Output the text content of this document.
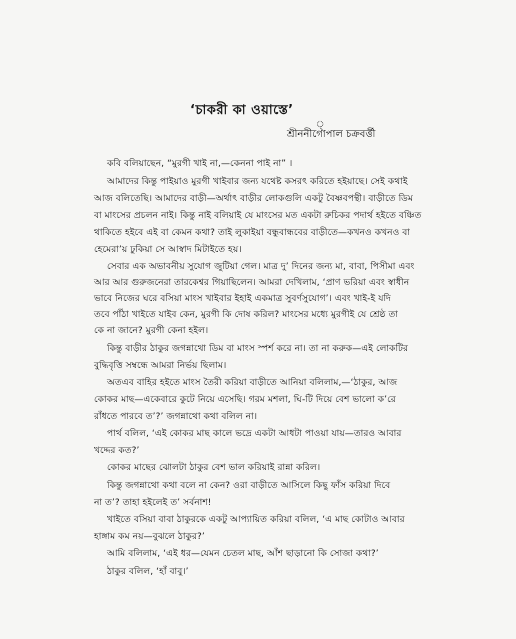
‘চাকরী কা ওয়াস্তে’
্
শ্রীননীগোপাল চক্রবর্ত্তী
কবি বলিয়াছেন, “মুরগী খাই না,—কেননা পাই না” ।
আমাদের কিন্তু পাইয়াও মুরগী খাইবার জন্য যথেষ্ট কসরৎ করিতে হইয়াছে। সেই কথাই
আজ বলিতেছি। আমাদের বাড়ী—অর্থাৎ বাড়ীর লোকগুলি একটু বৈষ্ণবপন্থী। বাড়ীতে ডিম
বা মাংসের প্রচলন নাই। কিন্তু নাই বলিয়াই যে মাংসের মত একটা রুচিকর পদার্থ হইতে বঞ্চিত
থাকিতে হইবে এই বা কেমন কথা? তাই লুকাইয়া বন্ধুবান্ধবের বাড়ীতে—কখনও কখনও বা
হেমেরা’য় ঢুকিয়া সে আস্বাদ মিটাইতে হয়।
সেবার এক অভাবনীয় সুযোগ জুটিয়া গেল। মাত্র দু’ দিনের জন্য মা, বাবা, পিসীমা এবং
আর আর গুরুজনেরা তারকেশ্বর গিয়াছিলেন। আমরা দেখিলাম, ‘প্রাণ ভরিয়া এবং স্বাধীন
ভাবে নিজের ঘরে বসিয়া মাংস খাইবার ইহাই একমাত্র সুবর্ণসুযোগ’। এবং খাই-ই যদি
তবে পাঁঠা খাইতে যাইব কেন, মুরগী কি দোষ করিল? মাংসের মধ্যে মুরগীই যে শ্রেষ্ঠ তা
কে না জানে? মুরগী কেনা হইল।
কিন্তু বাড়ীর ঠাকুর জগন্নাথো ডিম বা মাংস স্পর্শ করে না। তা না করুক—এই লোকটির
বুদ্ধিবৃত্তি সম্বন্ধে আমরা নির্ভয় ছিলাম।
অতএব বাহির হইতে মাংস তৈরী করিয়া বাড়ীতে আনিয়া বলিলাম,—‘ঠাকুর, আজ
কোকর মাছ—একেবারে কুটে নিয়ে এসেছি। গরম মশলা, ঘি-টি দিয়ে বেশ ভালো ক’রে
রাঁধতে পারবে ত’?’ জগন্নাথো কথা বলিল না।
পার্থ বলিল, ‘এই কোকর মাছ কালে ভদ্রে একটা আধটা পাওয়া যায়—তারও আবার
খদ্দের কত?’
কোকর মাছের ঝোলটা ঠাকুর বেশ ভাল করিয়াই রান্না করিল।
কিন্তু জগন্নাথো কথা বলে না কেন? ওরা বাড়ীতে আসিলে কিছু ফাঁস করিয়া দিবে
না ত’? তাহা হইলেই ত’ সর্বনাশ!
খাইতে বসিয়া বাবা ঠাকুরকে একটু আপ্যায়িত করিয়া বলিল, ‘এ মাছ কোটাও আবার
হাঙ্গাম কম নয়—বুঝলে ঠাকুর?’
আমি বলিলাম, ‘এই ধর—যেমন চেতল মাছ, আঁশ ছাড়ানো কি সোজা কথা?’
ঠাকুর বলিল, ‘হাঁ বাবু।’
